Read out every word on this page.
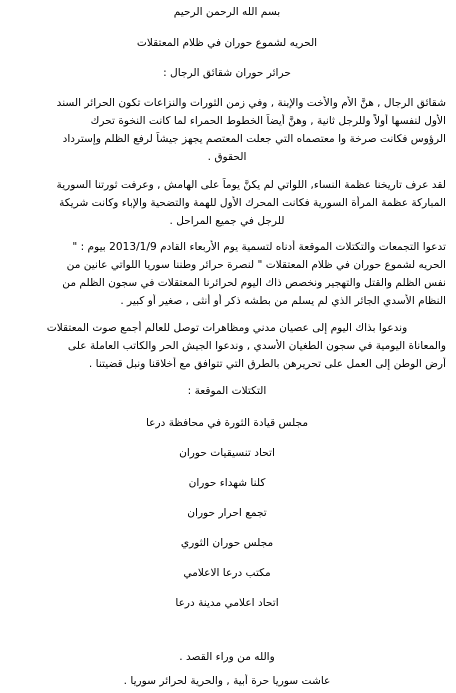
بسم الله الرحمن الرحيم
الحريه لشموع حوران في ظلام المعتقلات
حرائر حوران شقائق الرجال :
شقائق الرجال , هنَّ الأم والأخت والإبنة , وفي زمن الثورات والنزاعات تكون الحرائر السند
الأول لنفسها أولاً وللرجل ثانية , وهنَّ أيضاً الخطوط الحمراء لما كانت النخوة تحرك
الرؤوس فكانت صرخة وا معتصماه التي جعلت المعتصم يجهز جيشاً لرفع الظلم وإسترداد
الحقوق .
لقد عرف تاريخنا عظمة النساء, اللواتي لم يكنَّ يوماً على الهامش , وعرفت ثورتنا السورية
المباركة عظمة المرأة السورية فكانت المحرك الأول للهمة والتضحية والإباء وكانت شريكة
للرجل في جميع المراحل .
تدعوا التجمعات والتكتلات الموقعة أدناه لتسمية يوم الأربعاء القادم 2013/1/9 بيوم : "
الحريه لشموع حوران في ظلام المعتقلات " لنصرة حرائر وطننا سوريا اللواتي عانين من
نفس الظلم والقتل والتهجير ونخصص ذاك اليوم لحرائرنا المعتقلات في سجون الظلم من
النظام الأسدي الجائر الذي لم يسلم من بطشه ذكر أو أنثى , صغير أو كبير .
وندعوا بذاك اليوم إلى عصيان مدني ومظاهرات توصل للعالم أجمع صوت المعتقلات
والمعاناة اليومية في سجون الطغيان الأسدي , وندعوا الجيش الحر والكاتب العاملة على
أرض الوطن إلى العمل على تحريرهن بالطرق التي تتوافق مع أخلاقنا ونبل قضيتنا .
التكتلات الموقعة :
مجلس قيادة الثورة في محافظة درعا
اتحاد تنسيقيات حوران
كلنا شهداء حوران
تجمع احرار حوران
مجلس حوران الثوري
مكتب درعا الاعلامي
اتحاد اعلامي مدينة درعا
والله من وراء القصد .
عاشت سوريا حرة أبية , والحرية لحرائر سوريا .
